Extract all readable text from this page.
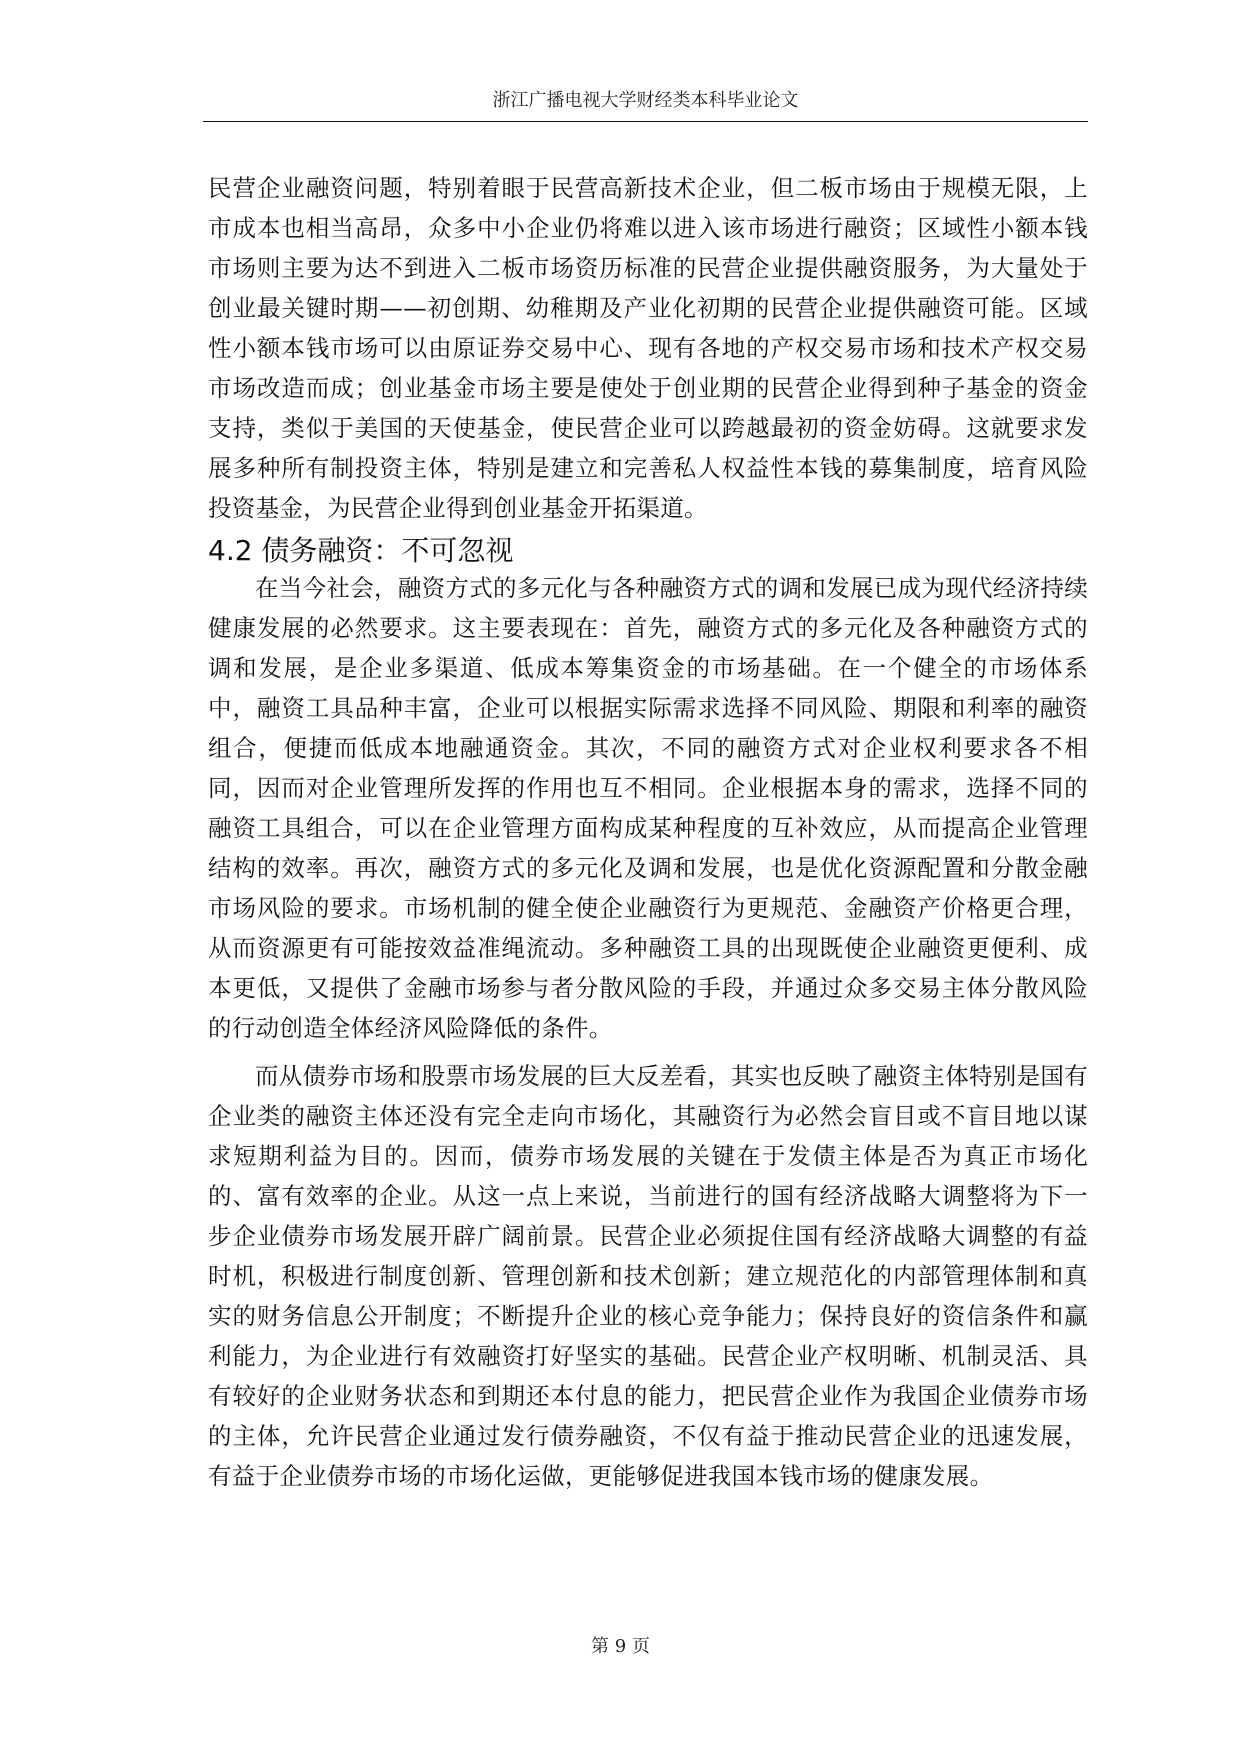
浙江广播电视大学财经类本科毕业论文

民营企业融资问题，特别着眼于民营高新技术企业，但二板市场由于规模无限，上市成本也相当高昂，众多中小企业仍将难以进入该市场进行融资；区域性小额本钱市场则主要为达不到进入二板市场资历标准的民营企业提供融资服务，为大量处于创业最关键时期——初创期、幼稚期及产业化初期的民营企业提供融资可能。区域性小额本钱市场可以由原证券交易中心、现有各地的产权交易市场和技术产权交易市场改造而成；创业基金市场主要是使处于创业期的民营企业得到种子基金的资金支持，类似于美国的天使基金，使民营企业可以跨越最初的资金妨碍。这就要求发展多种所有制投资主体，特别是建立和完善私人权益性本钱的募集制度，培育风险投资基金，为民营企业得到创业基金开拓渠道。

4.2 债务融资：不可忽视

在当今社会，融资方式的多元化与各种融资方式的调和发展已成为现代经济持续健康发展的必然要求。这主要表现在：首先，融资方式的多元化及各种融资方式的调和发展，是企业多渠道、低成本筹集资金的市场基础。在一个健全的市场体系中，融资工具品种丰富，企业可以根据实际需求选择不同风险、期限和利率的融资组合，便捷而低成本地融通资金。其次，不同的融资方式对企业权利要求各不相同，因而对企业管理所发挥的作用也互不相同。企业根据本身的需求，选择不同的融资工具组合，可以在企业管理方面构成某种程度的互补效应，从而提高企业管理结构的效率。再次，融资方式的多元化及调和发展，也是优化资源配置和分散金融市场风险的要求。市场机制的健全使企业融资行为更规范、金融资产价格更合理，从而资源更有可能按效益准绳流动。多种融资工具的出现既使企业融资更便利、成本更低，又提供了金融市场参与者分散风险的手段，并通过众多交易主体分散风险的行动创造全体经济风险降低的条件。

而从债券市场和股票市场发展的巨大反差看，其实也反映了融资主体特别是国有企业类的融资主体还没有完全走向市场化，其融资行为必然会盲目或不盲目地以谋求短期利益为目的。因而，债券市场发展的关键在于发债主体是否为真正市场化的、富有效率的企业。从这一点上来说，当前进行的国有经济战略大调整将为下一步企业债券市场发展开辟广阔前景。民营企业必须捉住国有经济战略大调整的有益时机，积极进行制度创新、管理创新和技术创新；建立规范化的内部管理体制和真实的财务信息公开制度；不断提升企业的核心竞争能力；保持良好的资信条件和赢利能力，为企业进行有效融资打好坚实的基础。民营企业产权明晰、机制灵活、具有较好的企业财务状态和到期还本付息的能力，把民营企业作为我国企业债券市场的主体，允许民营企业通过发行债券融资，不仅有益于推动民营企业的迅速发展，有益于企业债券市场的市场化运做，更能够促进我国本钱市场的健康发展。

第 9 页
